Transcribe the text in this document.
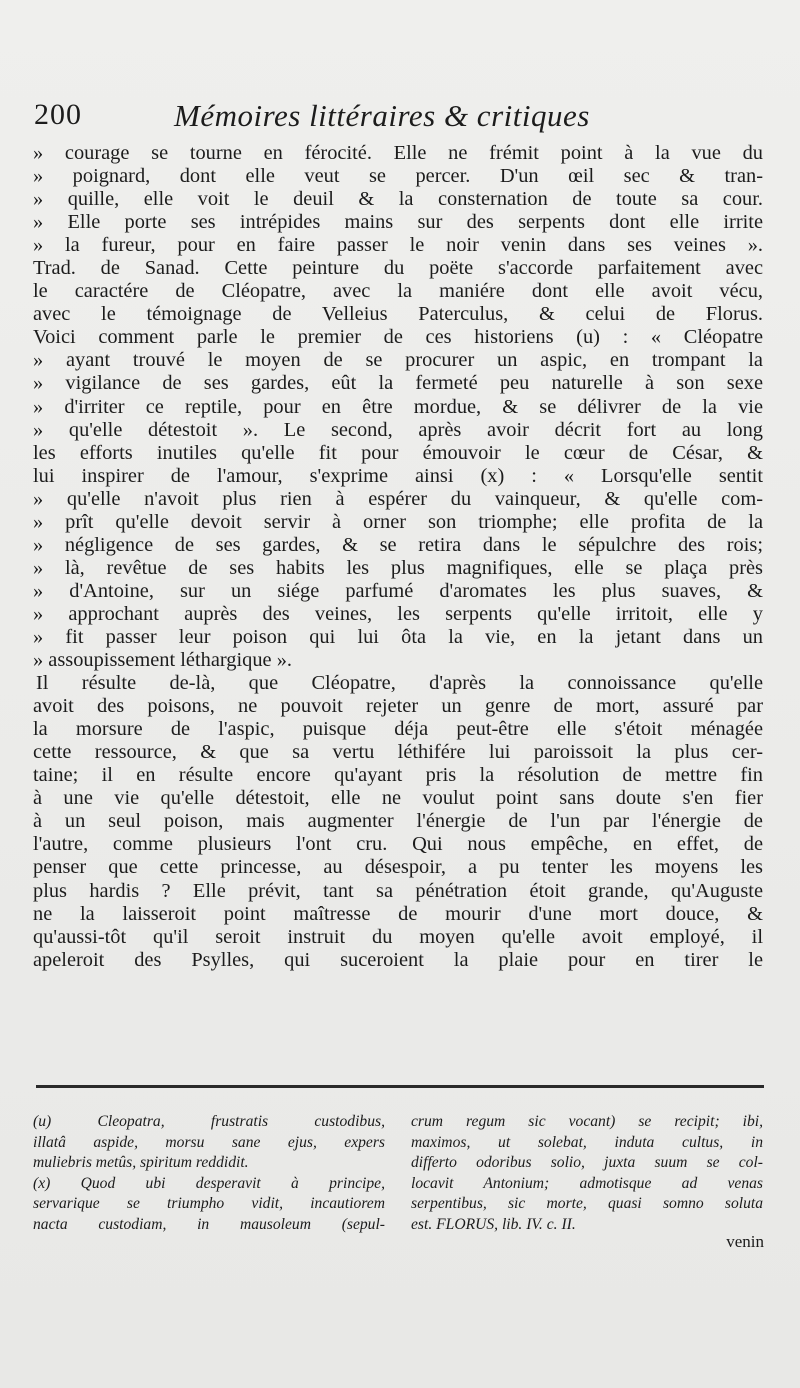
200	Mémoires littéraires & critiques
» courage se tourne en férocité. Elle ne frémit point à la vue du
» poignard, dont elle veut se percer. D'un œil sec & tran-
» quille, elle voit le deuil & la consternation de toute sa cour.
» Elle porte ses intrépides mains sur des serpents dont elle irrite
» la fureur, pour en faire passer le noir venin dans ses veines ».
Trad. de Sanad. Cette peinture du poëte s'accorde parfaitement avec
le caractére de Cléopatre, avec la maniére dont elle avoit vécu,
avec le témoignage de Velleius Paterculus, & celui de Florus.
Voici comment parle le premier de ces historiens (u) : « Cléopatre
» ayant trouvé le moyen de se procurer un aspic, en trompant la
» vigilance de ses gardes, eût la fermeté peu naturelle à son sexe
» d'irriter ce reptile, pour en être mordue, & se délivrer de la vie
» qu'elle détestoit ». Le second, après avoir décrit fort au long
les efforts inutiles qu'elle fit pour émouvoir le cœur de César, &
lui inspirer de l'amour, s'exprime ainsi (x) : « Lorsqu'elle sentit
» qu'elle n'avoit plus rien à espérer du vainqueur, & qu'elle com-
» prît qu'elle devoit servir à orner son triomphe; elle profita de la
» négligence de ses gardes, & se retira dans le sépulchre des rois;
» là, revêtue de ses habits les plus magnifiques, elle se plaça près
» d'Antoine, sur un siége parfumé d'aromates les plus suaves, &
» approchant auprès des veines, les serpents qu'elle irritoit, elle y
» fit passer leur poison qui lui ôta la vie, en la jetant dans un
» assoupissement léthargique ».
Il résulte de-là, que Cléopatre, d'après la connoissance qu'elle
avoit des poisons, ne pouvoit rejeter un genre de mort, assuré par
la morsure de l'aspic, puisque déja peut-être elle s'étoit ménagée
cette ressource, & que sa vertu léthifére lui paroissoit la plus cer-
taine; il en résulte encore qu'ayant pris la résolution de mettre fin
à une vie qu'elle détestoit, elle ne voulut point sans doute s'en fier
à un seul poison, mais augmenter l'énergie de l'un par l'énergie de
l'autre, comme plusieurs l'ont cru. Qui nous empêche, en effet, de
penser que cette princesse, au désespoir, a pu tenter les moyens les
plus hardis ? Elle prévit, tant sa pénétration étoit grande, qu'Auguste
ne la laisseroit point maîtresse de mourir d'une mort douce, &
qu'aussi-tôt qu'il seroit instruit du moyen qu'elle avoit employé, il
apeleroit des Psylles, qui suceroient la plaie pour en tirer le
(u) Cleopatra, frustratis custodibus,
illatâ aspide, morsu sane ejus, expers
muliebris metûs, spiritum reddidit.
(x) Quod ubi desperavit à principe,
servarique se triumpho vidit, incautiorem
nacta custodiam, in mausoleum (sepul-
crum regum sic vocant) se recipit; ibi,
maximos, ut solebat, induta cultus, in
differto odoribus solio, juxta suum se col-
locavit Antonium; admotisque ad venas
serpentibus, sic morte, quasi somno soluta
est. FLORUS, lib. IV. c. II.
venin
